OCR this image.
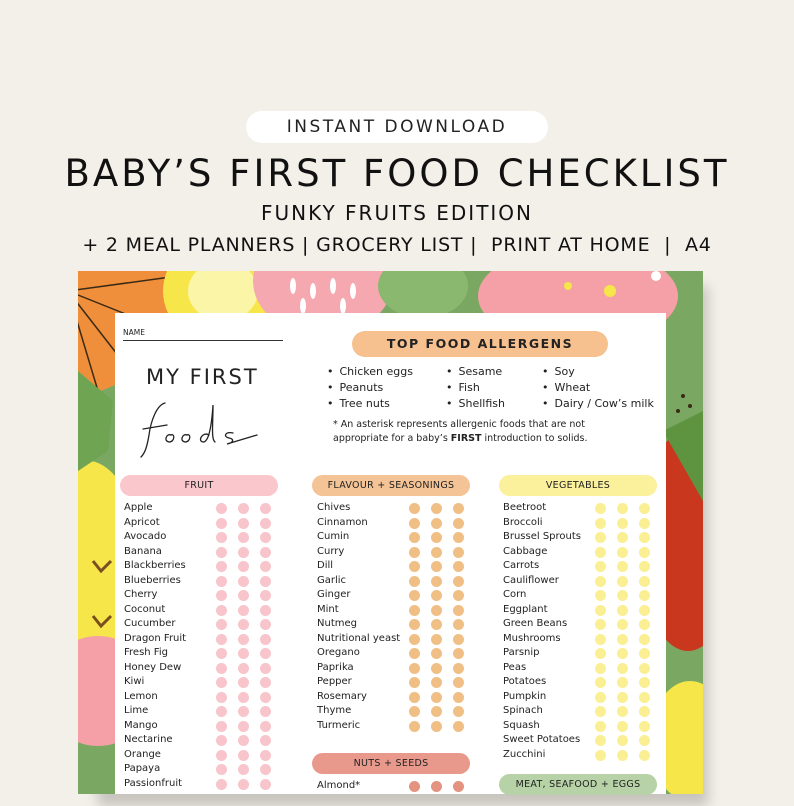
INSTANT DOWNLOAD
BABY’S FIRST FOOD CHECKLIST
FUNKY FRUITS EDITION
+ 2 MEAL PLANNERS | GROCERY LIST |  PRINT AT HOME  |  A4
NAME
MY FIRST
TOP FOOD ALLERGENS
• Chicken eggs
• Peanuts
• Tree nuts
• Sesame
• Fish
• Shellfish
• Soy
• Wheat
• Dairy / Cow’s milk
* An asterisk represents allergenic foods that are not appropriate for a baby’s FIRST introduction to solids.
FRUIT	FLAVOUR + SEASONINGS	VEGETABLES
NUTS + SEEDS
MEAT, SEAFOOD + EGGS
Apple
Apricot
Avocado
Banana
Blackberries
Blueberries
Cherry
Coconut
Cucumber
Dragon Fruit
Fresh Fig
Honey Dew
Kiwi
Lemon
Lime
Mango
Nectarine
Orange
Papaya
Passionfruit
Chives
Cinnamon
Cumin
Curry
Dill
Garlic
Ginger
Mint
Nutmeg
Nutritional yeast
Oregano
Paprika
Pepper
Rosemary
Thyme
Turmeric
Almond*
Beetroot
Broccoli
Brussel Sprouts
Cabbage
Carrots
Cauliflower
Corn
Eggplant
Green Beans
Mushrooms
Parsnip
Peas
Potatoes
Pumpkin
Spinach
Squash
Sweet Potatoes
Zucchini
